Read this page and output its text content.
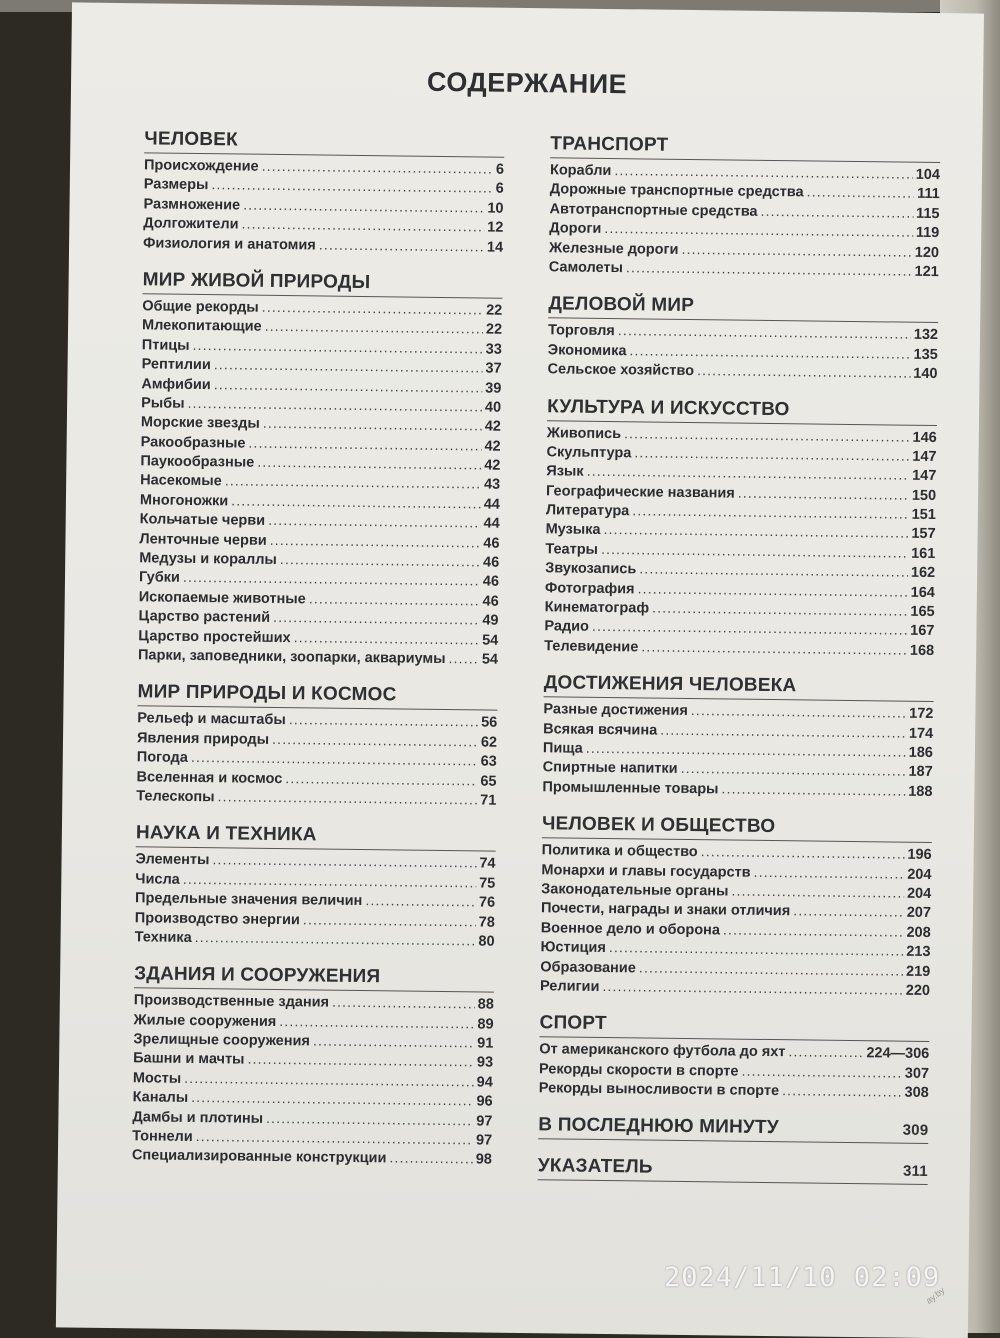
СОДЕРЖАНИЕ
ЧЕЛОВЕК
Происхождение .....	6
Размеры .....	6
Размножение .....	10
Долгожители .....	12
Физиология и анатомия .....	14
МИР ЖИВОЙ ПРИРОДЫ
Общие рекорды .....	22
Млекопитающие .....	22
Птицы .....	33
Рептилии .....	37
Амфибии .....	39
Рыбы .....	40
Морские звезды .....	42
Ракообразные .....	42
Паукообразные .....	42
Насекомые .....	43
Многоножки .....	44
Кольчатые черви .....	44
Ленточные черви .....	46
Медузы и кораллы .....	46
Губки .....	46
Ископаемые животные .....	46
Царство растений .....	49
Царство простейших .....	54
Парки, заповедники, зоопарки, аквариумы ..... 54
МИР ПРИРОДЫ И КОСМОС
Рельеф и масштабы .....	56
Явления природы .....	62
Погода .....	63
Вселенная и космос .....	65
Телескопы .....	71
НАУКА И ТЕХНИКА
Элементы .....	74
Числа .....	75
Предельные значения величин .....	76
Производство энергии .....	78
Техника .....	80
ЗДАНИЯ И СООРУЖЕНИЯ
Производственные здания .....	88
Жилые сооружения .....	89
Зрелищные сооружения .....	91
Башни и мачты .....	93
Мосты .....	94
Каналы .....	96
Дамбы и плотины .....	97
Тоннели .....	97
Специализированные конструкции .....	98
ТРАНСПОРТ
Корабли .....	104
Дорожные транспортные средства .....	111
Автотранспортные средства .....	115
Дороги .....	119
Железные дороги .....	120
Самолеты .....	121
ДЕЛОВОЙ МИР
Торговля .....	132
Экономика .....	135
Сельское хозяйство .....	140
КУЛЬТУРА И ИСКУССТВО
Живопись .....	146
Скульптура .....	147
Язык .....	147
Географические названия .....	150
Литература .....	151
Музыка .....	157
Театры .....	161
Звукозапись .....	162
Фотография .....	164
Кинематограф .....	165
Радио .....	167
Телевидение .....	168
ДОСТИЖЕНИЯ ЧЕЛОВЕКА
Разные достижения .....	172
Всякая всячина .....	174
Пища .....	186
Спиртные напитки .....	187
Промышленные товары .....	188
ЧЕЛОВЕК И ОБЩЕСТВО
Политика и общество .....	196
Монархи и главы государств .....	204
Законодательные органы .....	204
Почести, награды и знаки отличия .....	207
Военное дело и оборона .....	208
Юстиция .....	213
Образование .....	219
Религии .....	220
СПОРТ
От американского футбола до яхт .....	224—306
Рекорды скорости в спорте .....	307
Рекорды выносливости в спорте .....	308
В ПОСЛЕДНЮЮ МИНУТУ	309
УКАЗАТЕЛЬ	311
2024/11/10 02:09
ay.by
